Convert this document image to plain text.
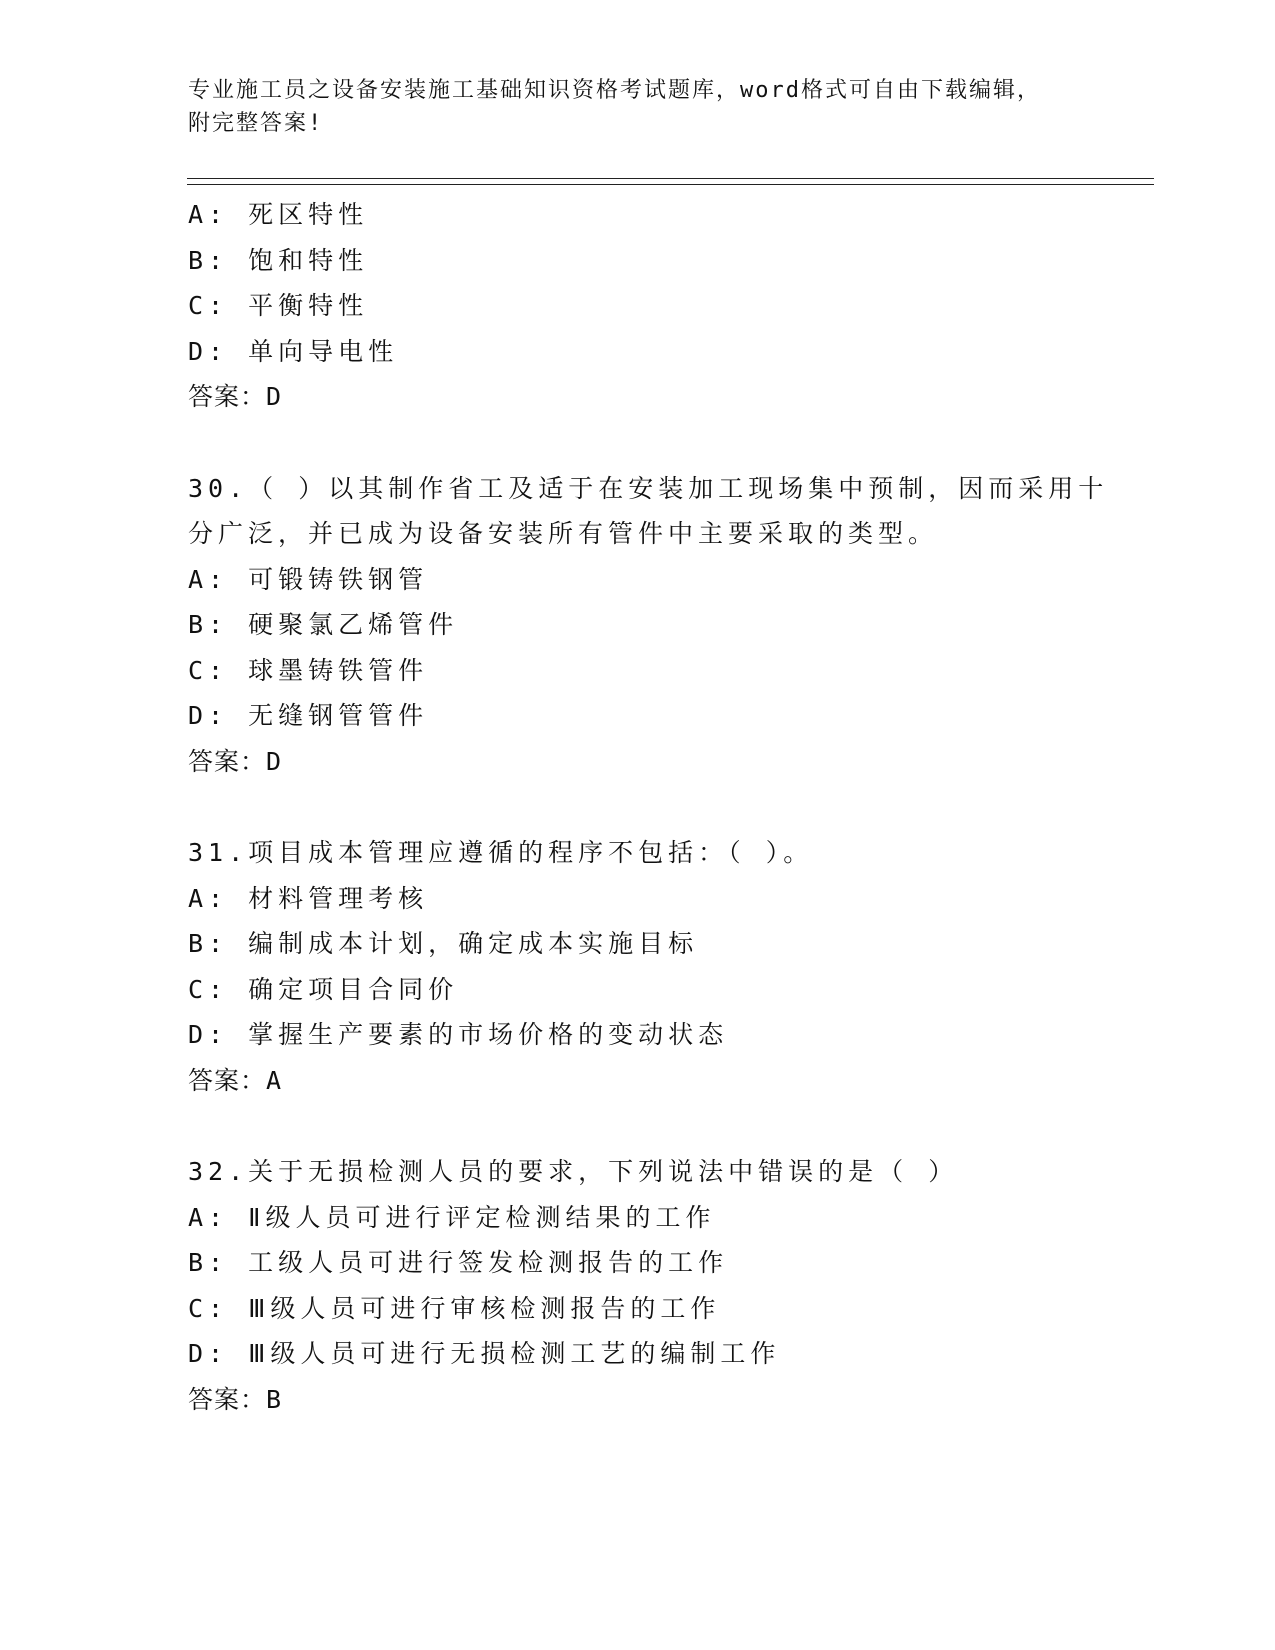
专业施工员之设备安装施工基础知识资格考试题库，word格式可自由下载编辑，
附完整答案!
A: 死区特性
B: 饱和特性
C: 平衡特性
D: 单向导电性
答案：D
30.（ ）以其制作省工及适于在安装加工现场集中预制，因而采用十
分广泛，并已成为设备安装所有管件中主要采取的类型。
A: 可锻铸铁钢管
B: 硬聚氯乙烯管件
C: 球墨铸铁管件
D: 无缝钢管管件
答案：D
31.项目成本管理应遵循的程序不包括：（ ）。
A: 材料管理考核
B: 编制成本计划，确定成本实施目标
C: 确定项目合同价
D: 掌握生产要素的市场价格的变动状态
答案：A
32.关于无损检测人员的要求，下列说法中错误的是（ ）
A: Ⅱ级人员可进行评定检测结果的工作
B: 工级人员可进行签发检测报告的工作
C: Ⅲ级人员可进行审核检测报告的工作
D: Ⅲ级人员可进行无损检测工艺的编制工作
答案：B
